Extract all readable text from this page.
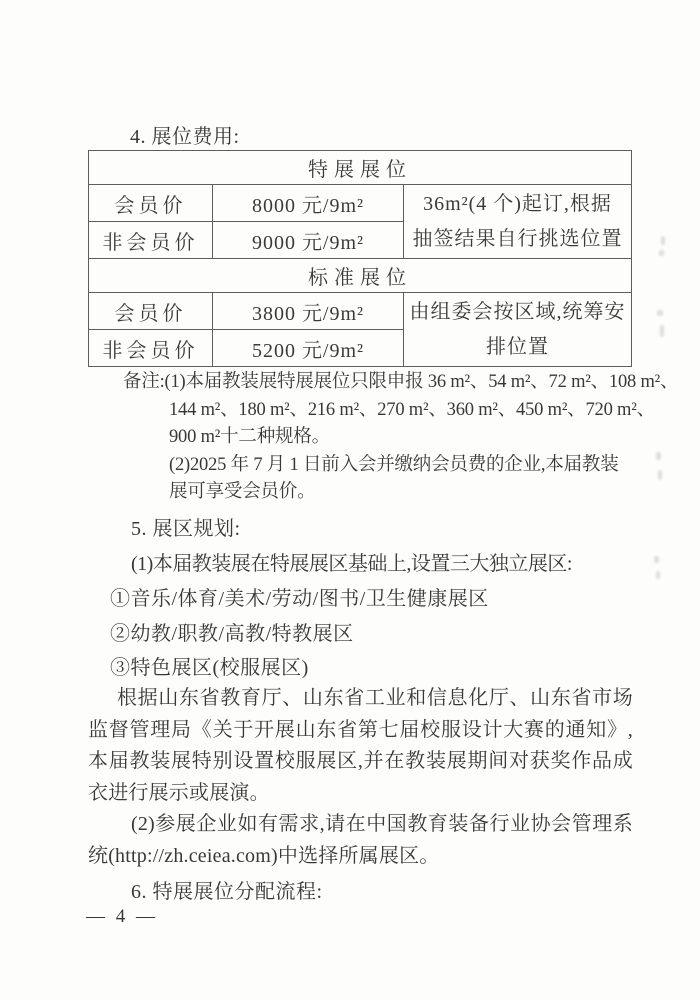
4. 展位费用:
特展展位		
会员价	8000 元/9m²	36m²(4 个)起订,根据
抽签结果自行挑选位置

非会员价	9000 元/9m²	
标准展位		
会员价	3800 元/9m²	由组委会按区域,统筹安
排位置

非会员价	5200 元/9m²	
备注:(1)本届教装展特展展位只限申报 36 m²、54 m²、72 m²、108 m²、
144 m²、180 m²、216 m²、270 m²、360 m²、450 m²、720 m²、
900 m²十二种规格。
(2)2025 年 7 月 1 日前入会并缴纳会员费的企业,本届教装
展可享受会员价。
5. 展区规划:
(1)本届教装展在特展展区基础上,设置三大独立展区:
①音乐/体育/美术/劳动/图书/卫生健康展区
②幼教/职教/高教/特教展区
③特色展区(校服展区)
根据山东省教育厅、山东省工业和信息化厅、山东省市场监督管理局《关于开展山东省第七届校服设计大赛的通知》,本届教装展特别设置校服展区,并在教装展期间对获奖作品成衣进行展示或展演。
(2)参展企业如有需求,请在中国教育装备行业协会管理系统(http://zh.ceiea.com)中选择所属展区。
6. 特展展位分配流程:
— 4 —
